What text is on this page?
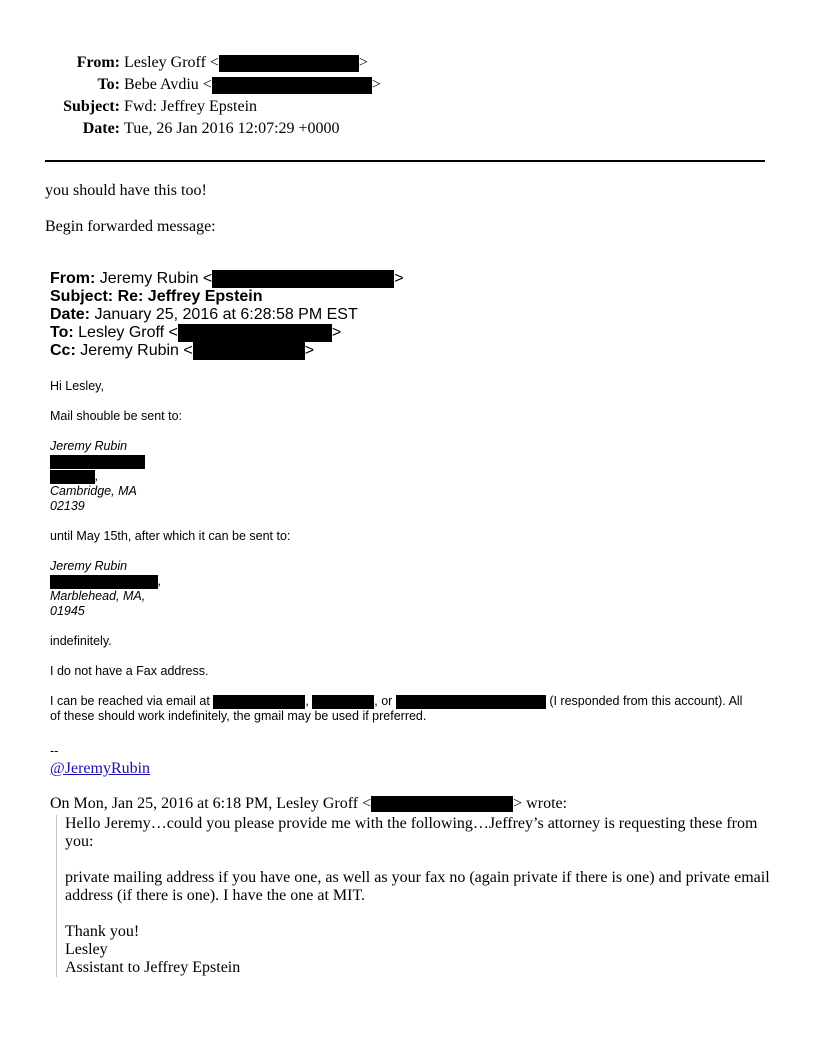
From: Lesley Groff <	>
To: Bebe Avdiu <	>
Subject: Fwd: Jeffrey Epstein
Date: Tue, 26 Jan 2016 12:07:29 +0000
you should have this too!
Begin forwarded message:
From: Jeremy Rubin <	>
Subject: Re: Jeffrey Epstein
Date: January 25, 2016 at 6:28:58 PM EST
To: Lesley Groff <	>
Cc: Jeremy Rubin <	>
Hi Lesley,
Mail shouble be sent to:
Jeremy Rubin
,
Cambridge, MA
02139
until May 15th, after which it can be sent to:
Jeremy Rubin
,
Marblehead, MA,
01945
indefinitely.
I do not have a Fax address.
I can be reached via email at	,	, or	(I responded from this account). All
of these should work indefinitely, the gmail may be used if preferred.
--
@JeremyRubin
On Mon, Jan 25, 2016 at 6:18 PM, Lesley Groff <	> wrote:

Hello Jeremy…could you please provide me with the following…Jeffrey’s attorney is requesting these from you:

private mailing address if you have one, as well as your fax no (again private if there is one) and private email address (if there is one). I have the one at MIT.

Thank you!

Lesley

Assistant to Jeffrey Epstein
